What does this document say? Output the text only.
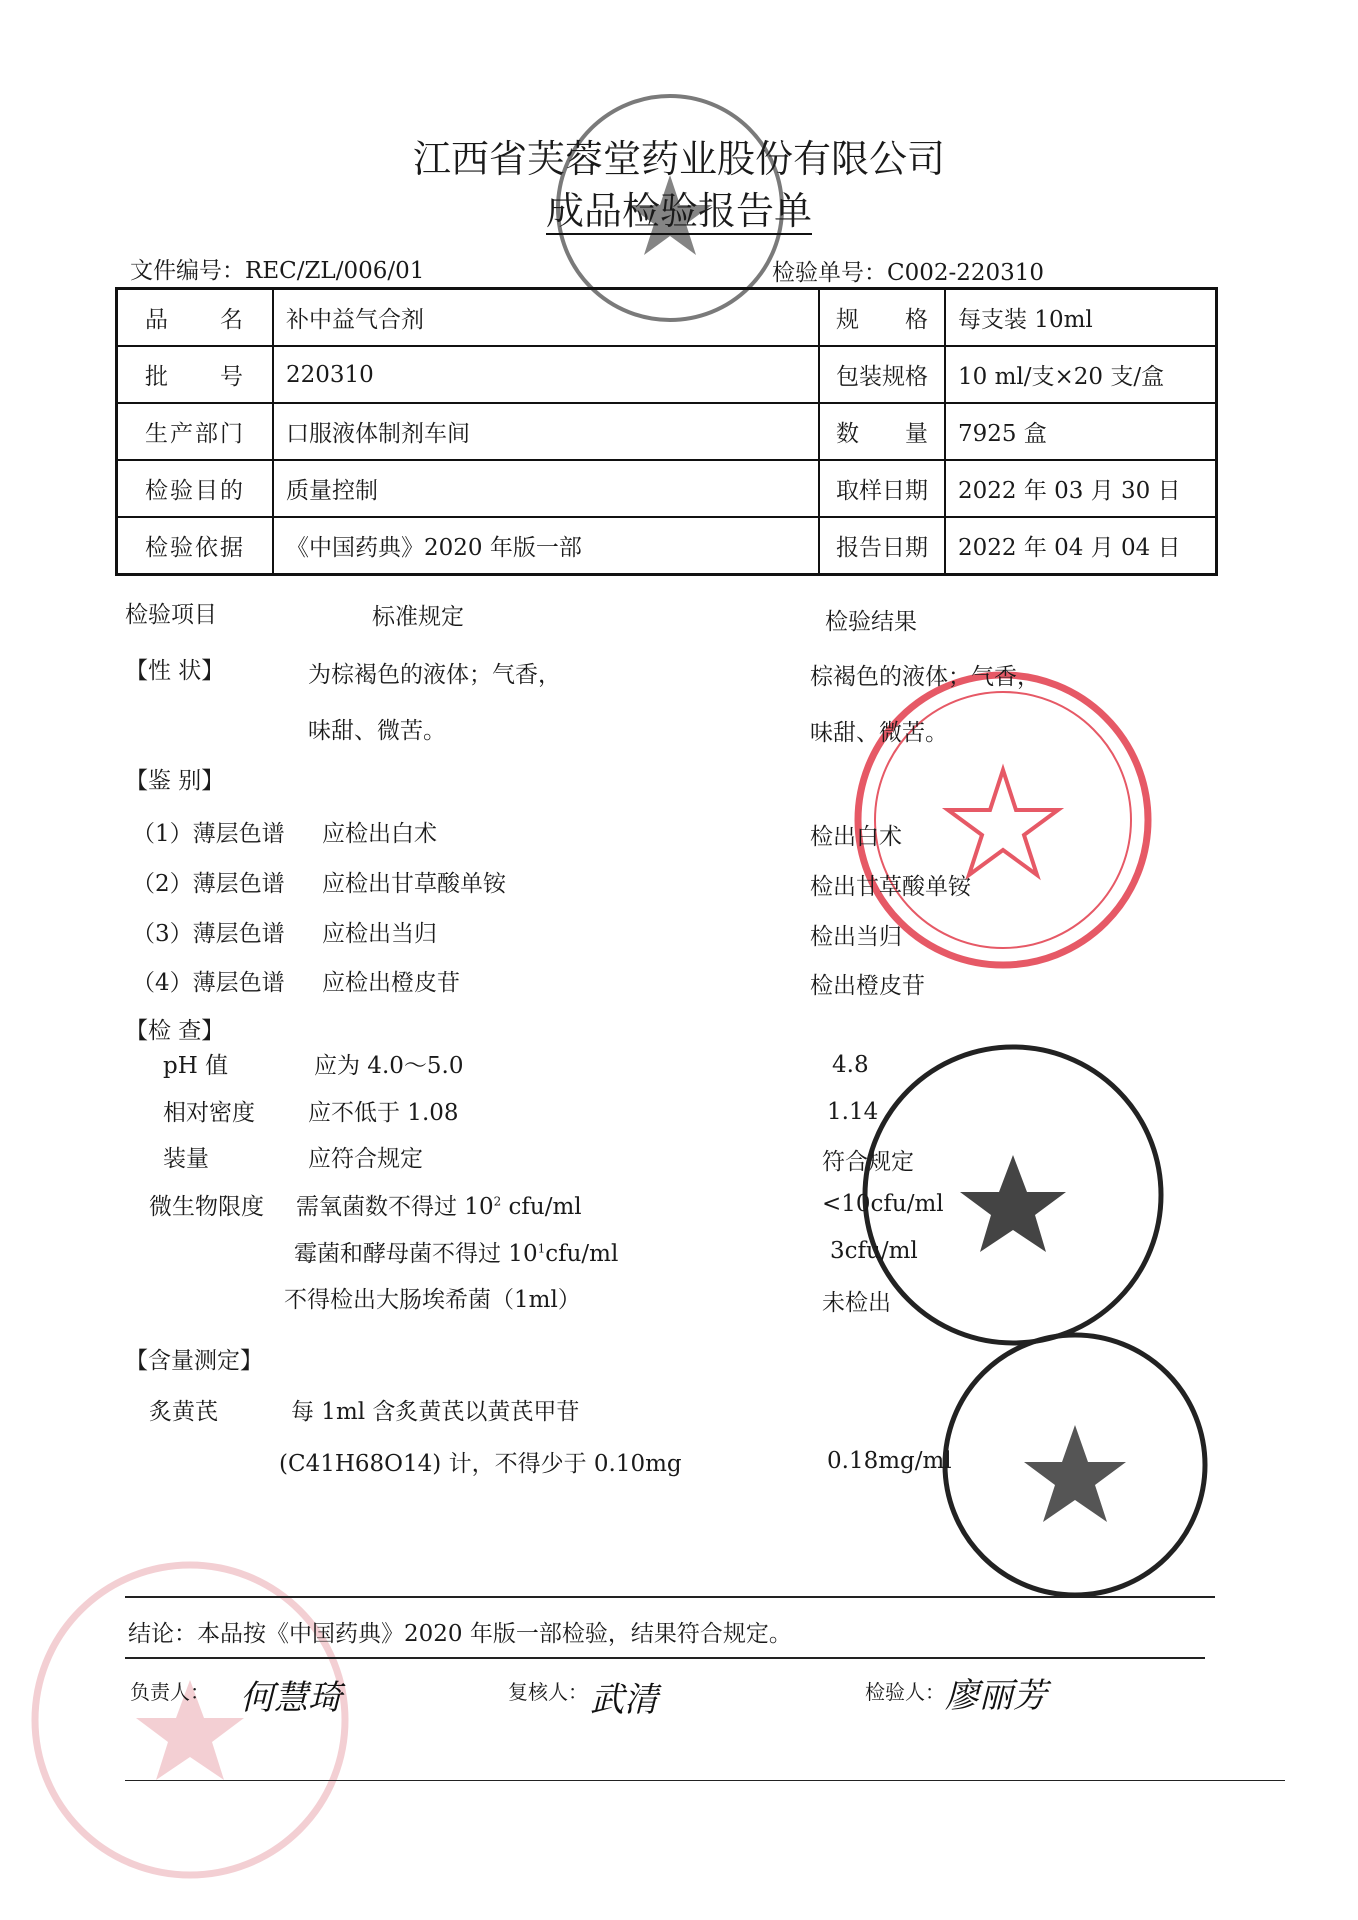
江西省芙蓉堂药业股份有限公司
成品检验报告单
文件编号：REC/ZL/006/01	检验单号：C002-220310
品　　名	补中益气合剂	规　　格	每支装 10ml
批　　号	220310	包装规格	10 ml/支×20 支/盒
生产部门	口服液体制剂车间	数　　量	7925 盒
检验目的	质量控制	取样日期	2022 年 03 月 30 日
检验依据	《中国药典》2020 年版一部	报告日期	2022 年 04 月 04 日
检验项目	标准规定	检验结果
【性 状】	为棕褐色的液体；气香，	棕褐色的液体；气香，
味甜、微苦。	味甜、微苦。
【鉴 别】
（1）薄层色谱 应检出白术	检出白术
（2）薄层色谱 应检出甘草酸单铵	检出甘草酸单铵
（3）薄层色谱 应检出当归	检出当归
（4）薄层色谱 应检出橙皮苷	检出橙皮苷
【检 查】
pH 值	应为 4.0～5.0	4.8
相对密度 应不低于 1.08	1.14
装量	应符合规定	符合规定
微生物限度 需氧菌数不得过 $10^2$ cfu/ml	<10cfu/ml
霉菌和酵母菌不得过 $10^1cfu/ml$	3cfu/ml
不得检出大肠埃希菌（1ml）	未检出
【含量测定】
炙黄芪	每 1ml 含炙黄芪以黄芪甲苷
(C41H68O14) 计，不得少于 0.10mg	0.18mg/ml
结论：本品按《中国药典》2020 年版一部检验，结果符合规定。
负责人： 何慧琦	复核人： 武清	检验人： 廖丽芳
